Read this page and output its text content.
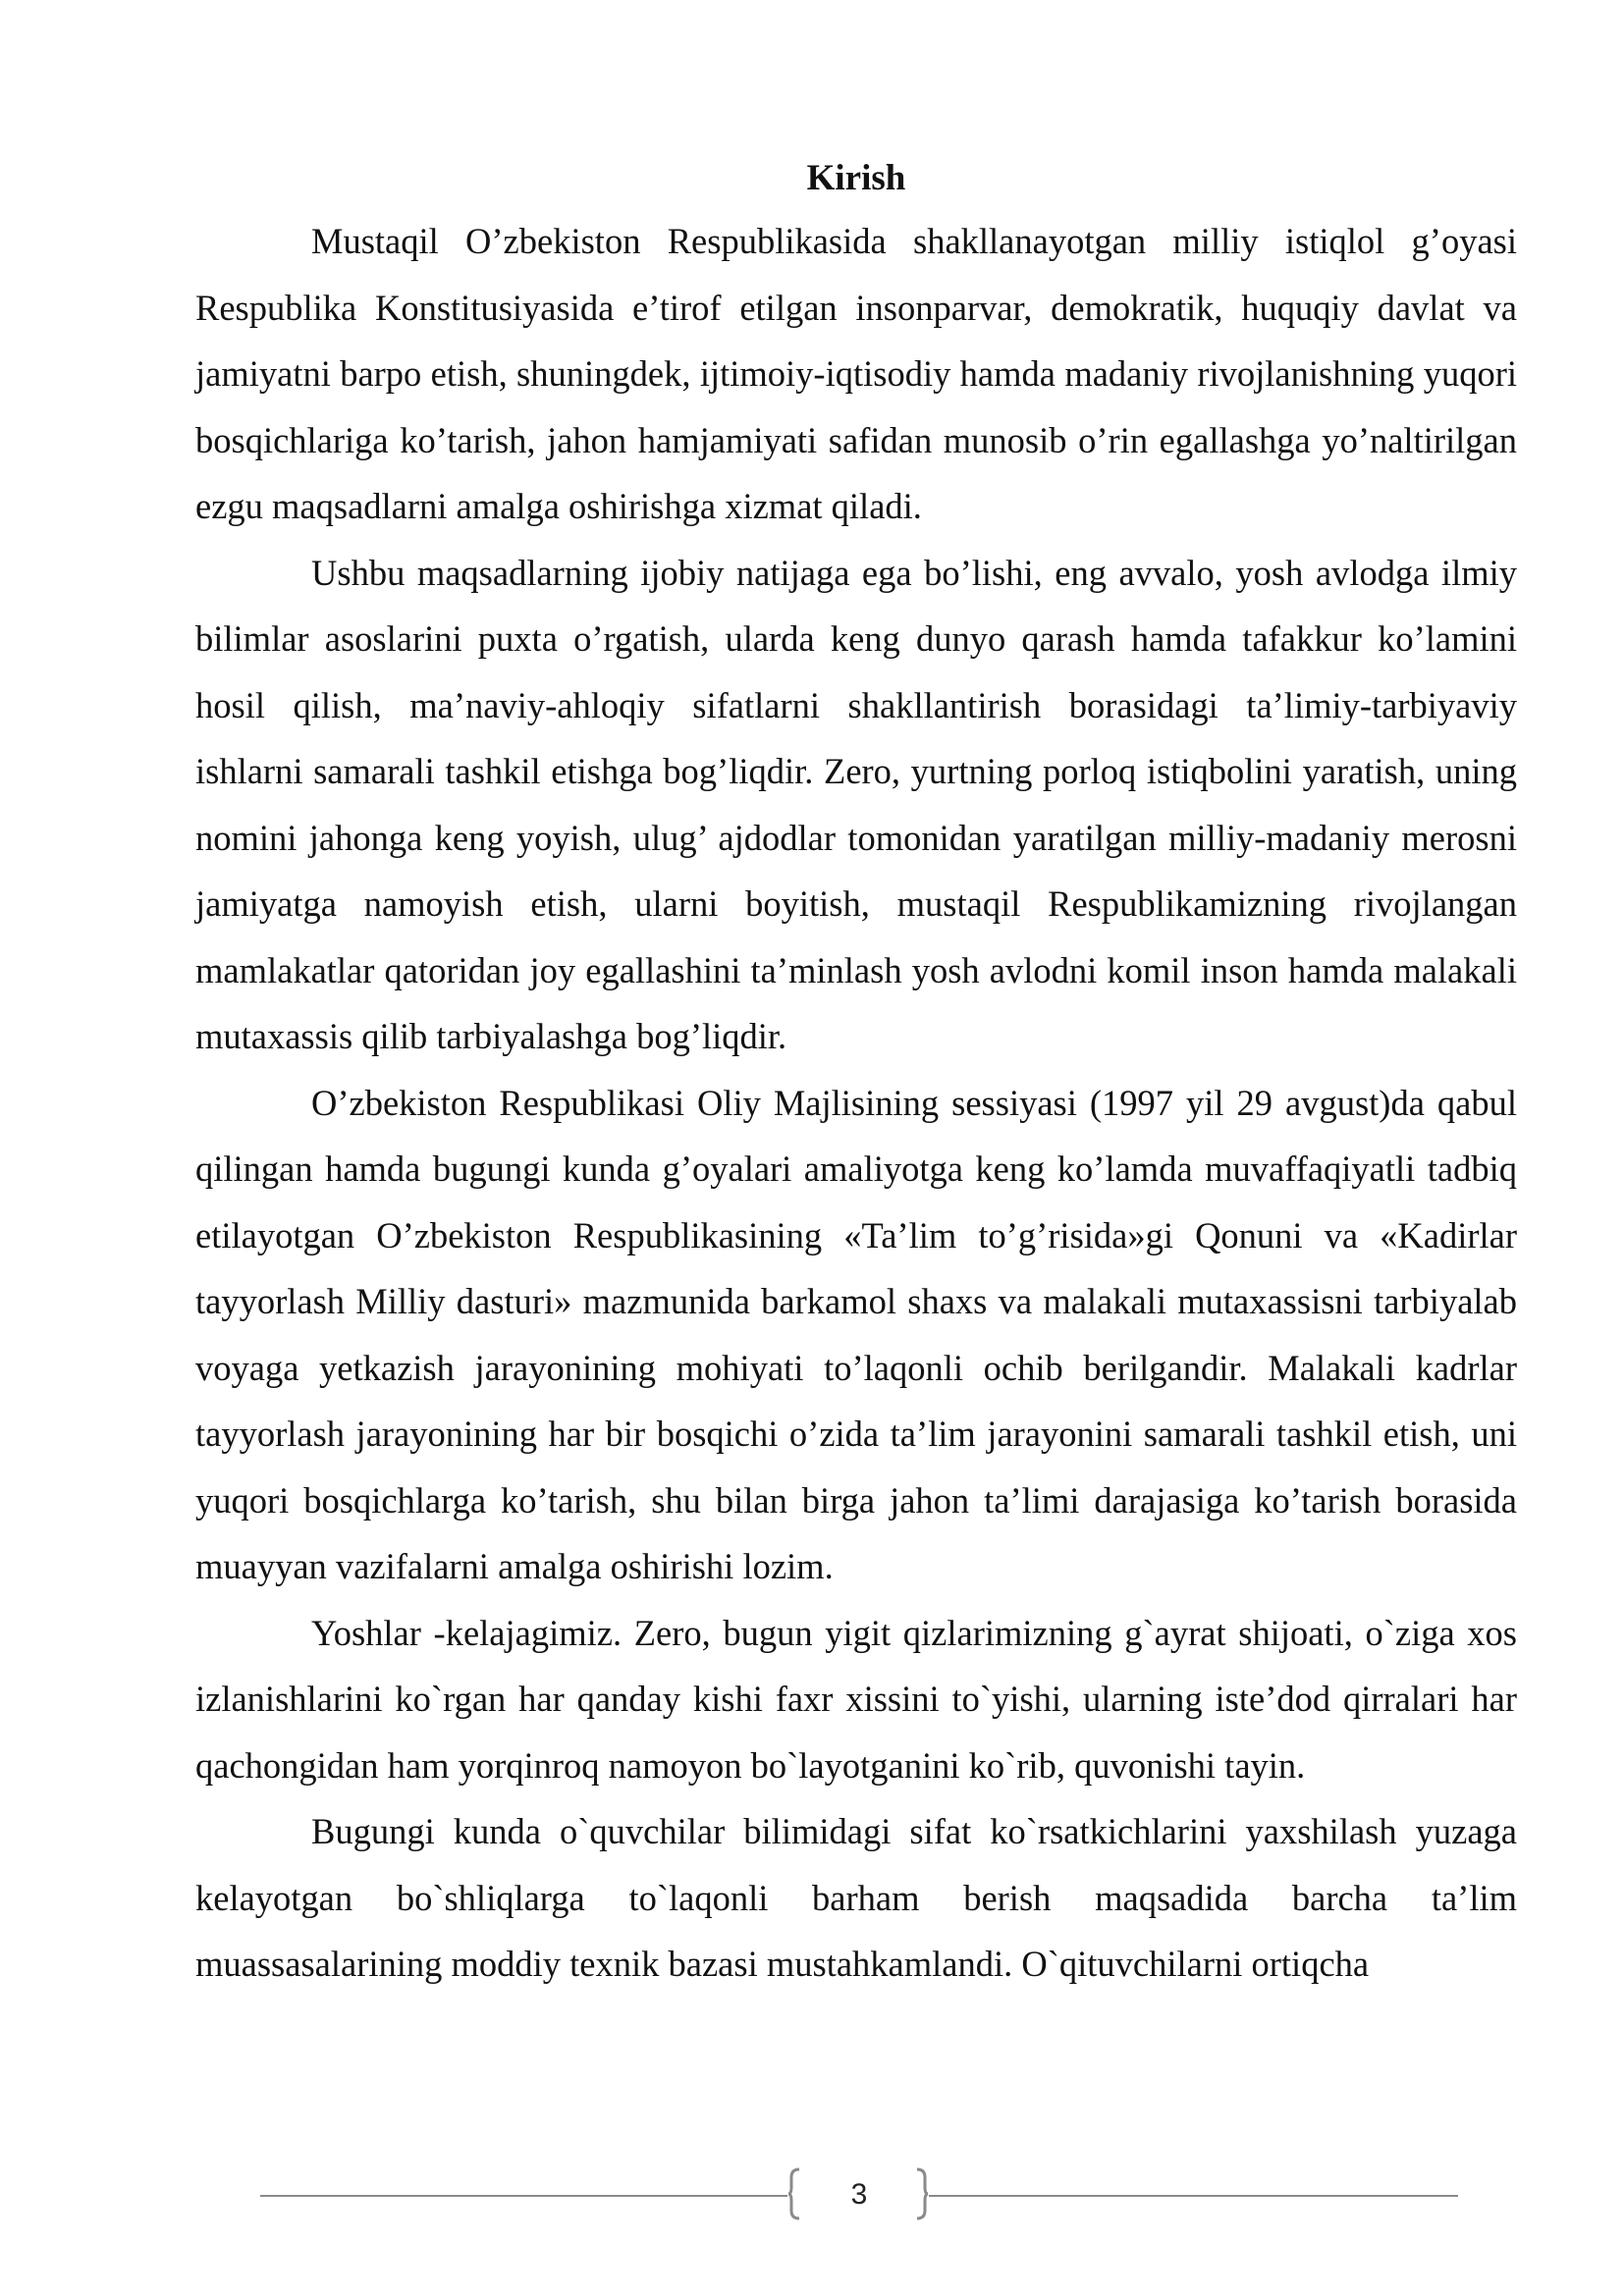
Kirish

Mustaqil O’zbekiston Respublikasida shakllanayotgan milliy istiqlol g’oyasi Respublika Konstitusiyasida e’tirof etilgan insonparvar, demokratik, huquqiy davlat va jamiyatni barpo etish, shuningdek, ijtimoiy-iqtisodiy hamda madaniy rivojlanishning yuqori bosqichlariga ko’tarish, jahon hamjamiyati safidan munosib o’rin egallashga yo’naltirilgan ezgu maqsadlarni amalga oshirishga xizmat qiladi.

Ushbu maqsadlarning ijobiy natijaga ega bo’lishi, eng avvalo, yosh avlodga ilmiy bilimlar asoslarini puxta o’rgatish, ularda keng dunyo qarash hamda tafakkur ko’lamini hosil qilish, ma’naviy-ahloqiy sifatlarni shakllantirish borasidagi ta’limiy-tarbiyaviy ishlarni samarali tashkil etishga bog’liqdir. Zero, yurtning porloq istiqbolini yaratish, uning nomini jahonga keng yoyish, ulug’ ajdodlar tomonidan yaratilgan milliy-madaniy merosni jamiyatga namoyish etish, ularni boyitish, mustaqil Respublikamizning rivojlangan mamlakatlar qatoridan joy egallashini ta’minlash yosh avlodni komil inson hamda malakali mutaxassis qilib tarbiyalashga bog’liqdir.

O’zbekiston Respublikasi Oliy Majlisining sessiyasi (1997 yil 29 avgust)da qabul qilingan hamda bugungi kunda g’oyalari amaliyotga keng ko’lamda muvaffaqiyatli tadbiq etilayotgan O’zbekiston Respublikasining «Ta’lim to’g’risida»gi Qonuni va «Kadirlar tayyorlash Milliy dasturi» mazmunida barkamol shaxs va malakali mutaxassisni tarbiyalab voyaga yetkazish jarayonining mohiyati to’laqonli ochib berilgandir. Malakali kadrlar tayyorlash jarayonining har bir bosqichi o’zida ta’lim jarayonini samarali tashkil etish, uni yuqori bosqichlarga ko’tarish, shu bilan birga jahon ta’limi darajasiga ko’tarish borasida muayyan vazifalarni amalga oshirishi lozim.

Yoshlar -kelajagimiz. Zero, bugun yigit qizlarimizning g`ayrat shijoati, o`ziga xos izlanishlarini ko`rgan har qanday kishi faxr xissini to`yishi, ularning iste’dod qirralari har qachongidan ham yorqinroq namoyon bo`layotganini ko`rib, quvonishi tayin.

Bugungi kunda o`quvchilar bilimidagi sifat ko`rsatkichlarini yaxshilash yuzaga kelayotgan bo`shliqlarga to`laqonli barham berish maqsadida barcha ta’lim muassasalarining moddiy texnik bazasi mustahkamlandi. O`qituvchilarni ortiqcha

3
